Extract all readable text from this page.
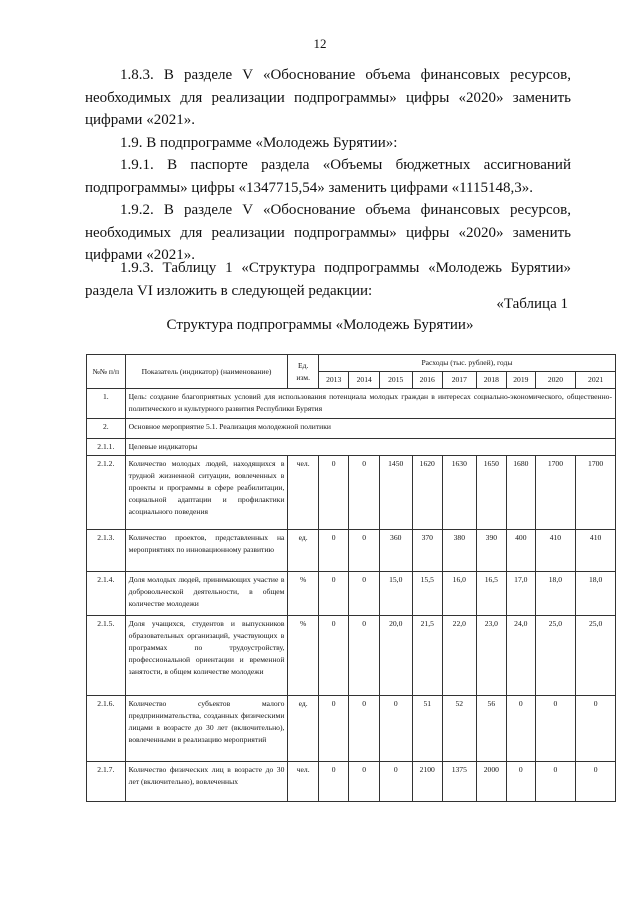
12

1.8.3. В разделе V «Обоснование объема финансовых ресурсов, необходимых для реализации подпрограммы» цифры «2020» заменить цифрами «2021».

1.9. В подпрограмме «Молодежь Бурятии»:

1.9.1. В паспорте раздела «Объемы бюджетных ассигнований подпрограммы» цифры «1347715,54» заменить цифрами «1115148,3».

1.9.2. В разделе V «Обоснование объема финансовых ресурсов, необходимых для реализации подпрограммы» цифры «2020» заменить цифрами «2021».

1.9.3. Таблицу 1 «Структура подпрограммы «Молодежь Бурятии» раздела VI изложить в следующей редакции:

«Таблица 1
Структура подпрограммы «Молодежь Бурятии»
№№ п/п	Показатель (индикатор) (наименование)	Ед. изм.	Расходы (тыс. рублей), годы								
			2013	2014	2015	2016	2017	2018	2019	2020	2021
1.	Цель: создание благоприятных условий для использования потенциала молодых граждан в интересах социально-экономического, общественно-политического и культурного развития Республики Бурятия										
2.	Основное мероприятие 5.1. Реализация молодежной политики										
2.1.1.	Целевые индикаторы										
2.1.2.	Количество молодых людей, находящихся в трудной жизненной ситуации, вовлеченных в проекты и программы в сфере реабилитации, социальной адаптации и профилактики асоциального поведения	чел.	0	0	1450	1620	1630	1650	1680	1700	1700
2.1.3.	Количество проектов, представленных на мероприятиях по инновационному развитию	ед.	0	0	360	370	380	390	400	410	410
2.1.4.	Доля молодых людей, принимающих участие в добровольческой деятельности, в общем количестве молодежи	%	0	0	15,0	15,5	16,0	16,5	17,0	18,0	18,0
2.1.5.	Доля учащихся, студентов и выпускников образовательных организаций, участвующих в программах по трудоустройству, профессиональной ориентации и временной занятости, в общем количестве молодежи	%	0	0	20,0	21,5	22,0	23,0	24,0	25,0	25,0
2.1.6.	Количество субъектов малого предпринимательства, созданных физическими лицами в возрасте до 30 лет (включительно), вовлеченными в реализацию мероприятий	ед.	0	0	0	51	52	56	0	0	0
2.1.7.	Количество физических лиц в возрасте до 30 лет (включительно), вовлеченных	чел.	0	0	0	2100	1375	2000	0	0	0
